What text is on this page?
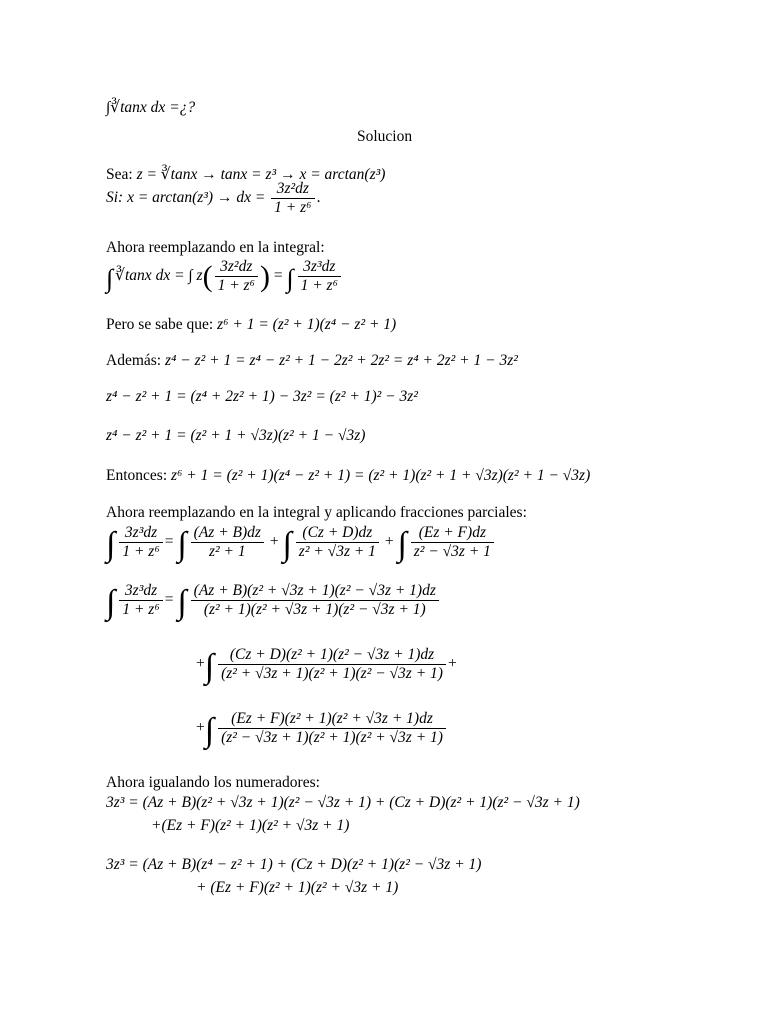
∫∛tanx dx =¿?
Solucion
Sea: z = ∛tanx → tanx = z³ → x = arctan(z³)
Si: x = arctan(z³) → dx = $\frac{\text{3z²dz}}{\text{1 + z⁶}}$ .
Ahora reemplazando en la integral:
∫ ∛tanx dx = ∫ $z( \frac{\text{3z²dz}}{\text{1 + z⁶}}$ ) = ∫ $\frac{\text{3z³dz}}{\text{1 + z⁶}}$
Pero se sabe que: z⁶ + 1 = (z² + 1)(z⁴ − z² + 1)
Además: z⁴ − z² + 1 = z⁴ − z² + 1 − 2z² + 2z² = z⁴ + 2z² + 1 − 3z²
z⁴ − z² + 1 = (z⁴ + 2z² + 1) − 3z² = (z² + 1)² − 3z²
z⁴ − z² + 1 = (z² + 1 + √3z)(z² + 1 − √3z)
Entonces: z⁶ + 1 = (z² + 1)(z⁴ − z² + 1) = (z² + 1)(z² + 1 + √3z)(z² + 1 − √3z)
Ahora reemplazando en la integral y aplicando fracciones parciales:
∫ $\frac{\text{3z³dz}}{\text{1 + z⁶}}$ = ∫ $\frac{(Az + B)dz}{\text{z² + 1}}$ + ∫ $\frac{(Cz + D)dz}{\text{z² + √3z + 1}}$ + ∫ $\frac{(Ez + F)dz}{\text{z² − √3z + 1}}$
∫ $\frac{\text{3z³dz}}{\text{1 + z⁶}}$ = ∫ $\frac{\text{(Az + B)(z² + √3z + 1)(z² − √3z + 1)dz}}{\text{(z² + 1)(z² + √3z + 1)(z² − √3z + 1)}}$
+∫ $\frac{\text{(Cz + D)(z² + 1)(z² − √3z + 1)dz}}{\text{(z² + √3z + 1)(z² + 1)(z² − √3z + 1)}}$ +
+∫ $\frac{\text{(Ez + F)(z² + 1)(z² + √3z + 1)dz}}{\text{(z² − √3z + 1)(z² + 1)(z² + √3z + 1)}}$
Ahora igualando los numeradores:
3z³ = (Az + B)(z² + √3z + 1)(z² − √3z + 1) + (Cz + D)(z² + 1)(z² − √3z + 1)
+(Ez + F)(z² + 1)(z² + √3z + 1)
3z³ = (Az + B)(z⁴ − z² + 1) + (Cz + D)(z² + 1)(z² − √3z + 1)
+ (Ez + F)(z² + 1)(z² + √3z + 1)
